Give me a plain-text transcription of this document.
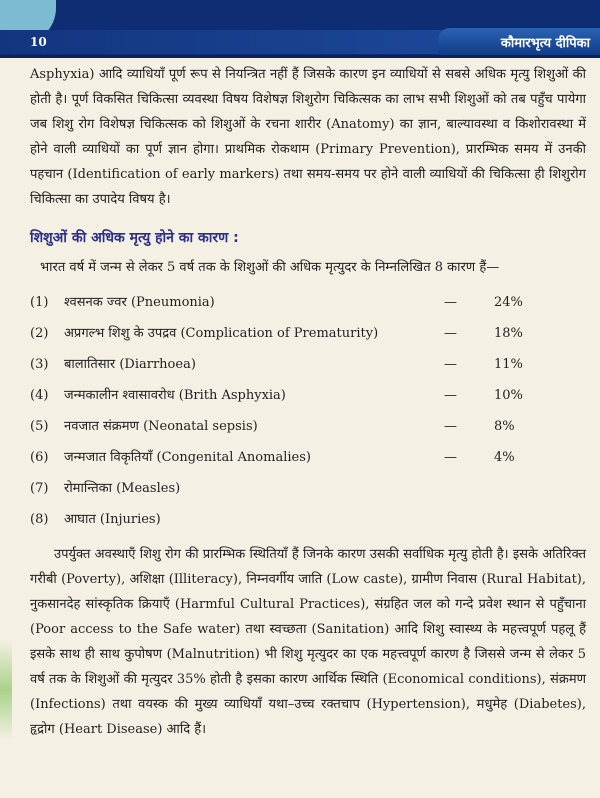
10	कौमारभृत्य दीपिका

Asphyxia) आदि व्याधियाँ पूर्ण रूप से नियन्त्रित नहीं हैं जिसके कारण इन व्याधियों से सबसे अधिक मृत्यु शिशुओं की होती है। पूर्ण विकसित चिकित्सा व्यवस्था विषय विशेषज्ञ शिशुरोग चिकित्सक का लाभ सभी शिशुओं को तब पहुँच पायेगा जब शिशु रोग विशेषज्ञ चिकित्सक को शिशुओं के रचना शारीर (Anatomy) का ज्ञान, बाल्यावस्था व किशोरावस्था में होने वाली व्याधियों का पूर्ण ज्ञान होगा। प्राथमिक रोकथाम (Primary Prevention), प्रारम्भिक समय में उनकी पहचान (Identification of early markers) तथा समय-समय पर होने वाली व्याधियों की चिकित्सा ही शिशुरोग चिकित्सा का उपादेय विषय है।

शिशुओं की अधिक मृत्यु होने का कारण :

भारत वर्ष में जन्म से लेकर 5 वर्ष तक के शिशुओं की अधिक मृत्युदर के निम्नलिखित 8 कारण हैं—

(1)	श्वसनक ज्वर (Pneumonia)	—	24%
(2)	अप्रगल्भ शिशु के उपद्रव (Complication of Prematurity)	—	18%
(3)	बालातिसार (Diarrhoea)	—	11%
(4)	जन्मकालीन श्वासावरोध (Brith Asphyxia)	—	10%
(5)	नवजात संक्रमण (Neonatal sepsis)	—	8%
(6)	जन्मजात विकृतियाँ (Congenital Anomalies)	—	4%
(7)	रोमान्तिका (Measles)
(8)	आघात (Injuries)

उपर्युक्त अवस्थाएँ शिशु रोग की प्रारम्भिक स्थितियाँ हैं जिनके कारण उसकी सर्वाधिक मृत्यु होती है। इसके अतिरिक्त गरीबी (Poverty), अशिक्षा (Illiteracy), निम्नवर्गीय जाति (Low caste), ग्रामीण निवास (Rural Habitat), नुकसानदेह सांस्कृतिक क्रियाएँ (Harmful Cultural Practices), संग्रहित जल को गन्दे प्रवेश स्थान से पहुँचाना (Poor access to the Safe water) तथा स्वच्छता (Sanitation) आदि शिशु स्वास्थ्य के महत्त्वपूर्ण पहलू हैं इसके साथ ही साथ कुपोषण (Malnutrition) भी शिशु मृत्युदर का एक महत्त्वपूर्ण कारण है जिससे जन्म से लेकर 5 वर्ष तक के शिशुओं की मृत्युदर 35% होती है इसका कारण आर्थिक स्थिति (Economical conditions), संक्रमण (Infections) तथा वयस्क की मुख्य व्याधियाँ यथा–उच्च रक्तचाप (Hypertension), मधुमेह (Diabetes), हृद्रोग (Heart Disease) आदि हैं।
